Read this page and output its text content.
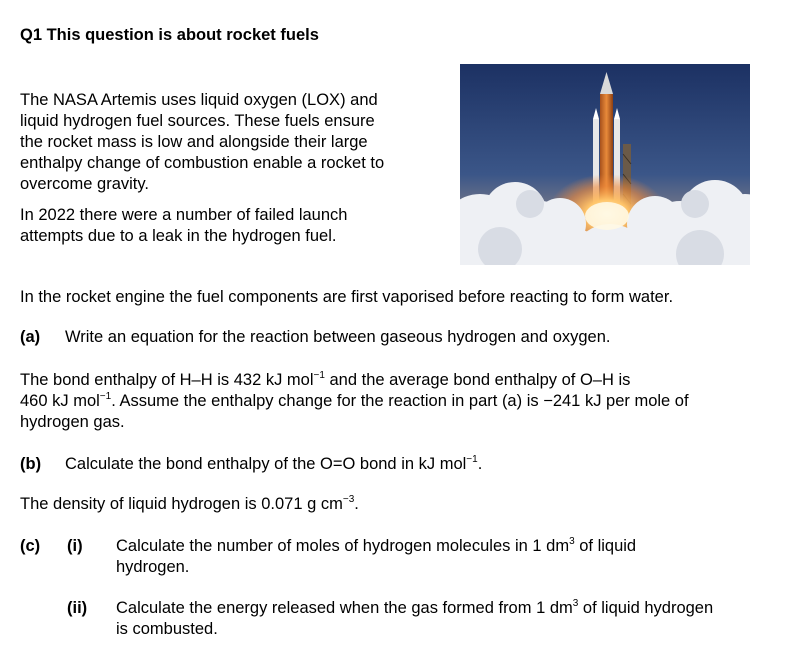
Q1 This question is about rocket fuels

The NASA Artemis uses liquid oxygen (LOX) and liquid hydrogen fuel sources. These fuels ensure the rocket mass is low and alongside their large enthalpy change of combustion enable a rocket to overcome gravity.

In 2022 there were a number of failed launch attempts due to a leak in the hydrogen fuel.

In the rocket engine the fuel components are first vaporised before reacting to form water.
(a) Write an equation for the reaction between gaseous hydrogen and oxygen.
The bond enthalpy of H–H is 432 kJ mol$^{-1}$ and the average bond enthalpy of O–H is
460 kJ mol$^{-1}$. Assume the enthalpy change for the reaction in part (a) is −241 kJ per mole of
hydrogen gas.
(b) Calculate the bond enthalpy of the O=O bond in kJ mol$^{-1}$.
The density of liquid hydrogen is 0.071 g $cm^{-3}$.
(c)	(i) Calculate the number of moles of hydrogen molecules in 1 $dm^3$ of liquid
hydrogen.
(ii) Calculate the energy released when the gas formed from 1 $dm^3$ of liquid hydrogen
is combusted.
